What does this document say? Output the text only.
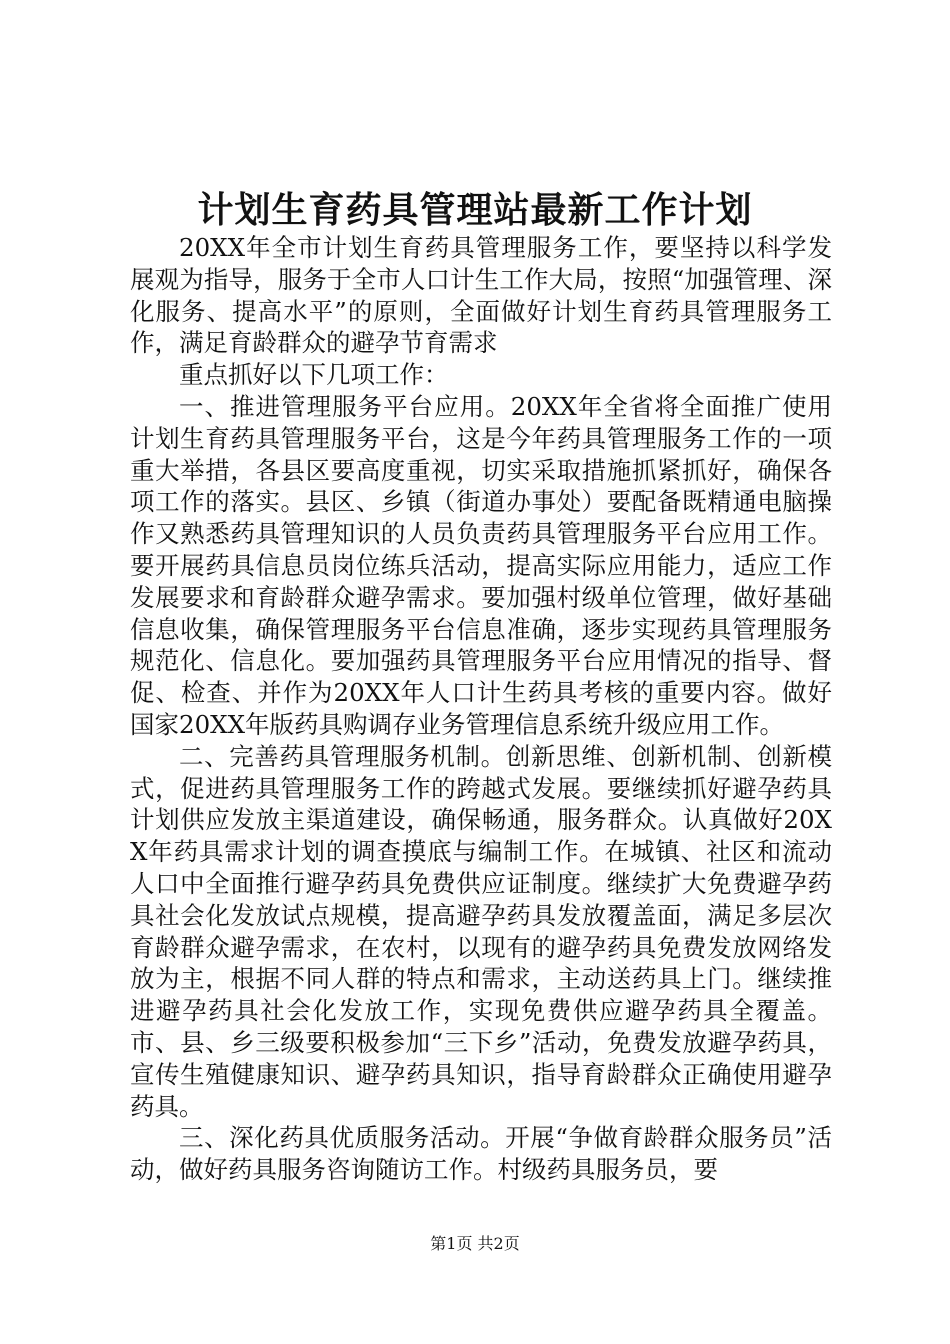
计划生育药具管理站最新工作计划

20XX年全市计划生育药具管理服务工作，要坚持以科学发展观为指导，服务于全市人口计生工作大局，按照“加强管理、深化服务、提高水平”的原则，全面做好计划生育药具管理服务工作，满足育龄群众的避孕节育需求

重点抓好以下几项工作：

一、推进管理服务平台应用。20XX年全省将全面推广使用计划生育药具管理服务平台，这是今年药具管理服务工作的一项重大举措，各县区要高度重视，切实采取措施抓紧抓好，确保各项工作的落实。县区、乡镇（街道办事处）要配备既精通电脑操作又熟悉药具管理知识的人员负责药具管理服务平台应用工作。要开展药具信息员岗位练兵活动，提高实际应用能力，适应工作发展要求和育龄群众避孕需求。要加强村级单位管理，做好基础信息收集，确保管理服务平台信息准确，逐步实现药具管理服务规范化、信息化。要加强药具管理服务平台应用情况的指导、督促、检查、并作为20XX年人口计生药具考核的重要内容。做好国家20XX年版药具购调存业务管理信息系统升级应用工作。

二、完善药具管理服务机制。创新思维、创新机制、创新模式，促进药具管理服务工作的跨越式发展。要继续抓好避孕药具计划供应发放主渠道建设，确保畅通，服务群众。认真做好20XX年药具需求计划的调查摸底与编制工作。在城镇、社区和流动人口中全面推行避孕药具免费供应证制度。继续扩大免费避孕药具社会化发放试点规模，提高避孕药具发放覆盖面，满足多层次育龄群众避孕需求，在农村，以现有的避孕药具免费发放网络发放为主，根据不同人群的特点和需求，主动送药具上门。继续推进避孕药具社会化发放工作，实现免费供应避孕药具全覆盖。市、县、乡三级要积极参加“三下乡”活动，免费发放避孕药具，宣传生殖健康知识、避孕药具知识，指导育龄群众正确使用避孕药具。

三、深化药具优质服务活动。开展“争做育龄群众服务员”活动，做好药具服务咨询随访工作。村级药具服务员，要

第1页 共2页
